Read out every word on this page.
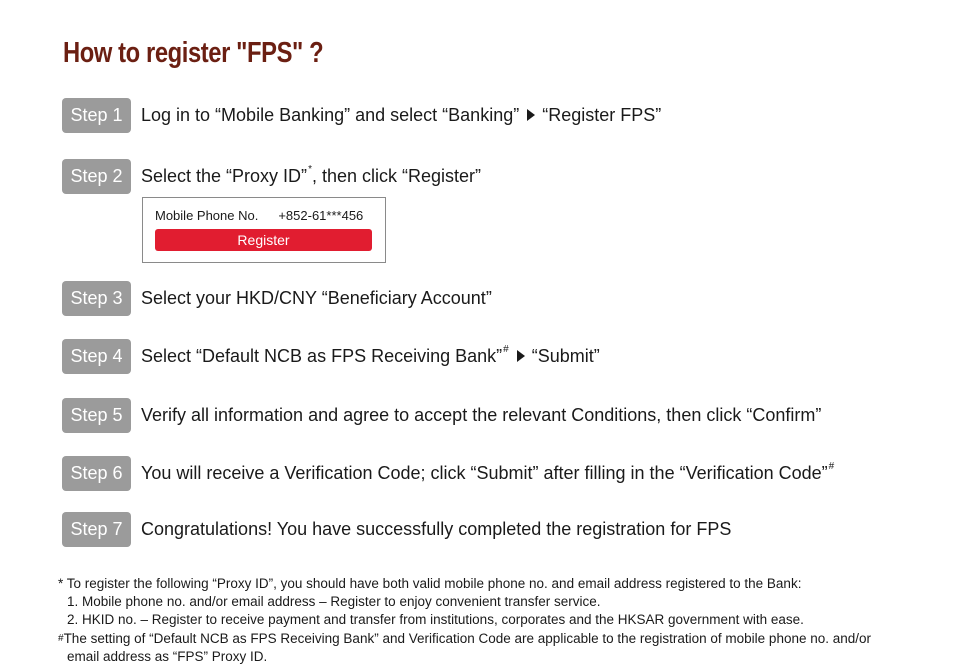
How to register "FPS" ?
Step 1	Log in to “Mobile Banking” and select “Banking” “Register FPS”
Step 2	Select the “Proxy ID”*, then click “Register”
Mobile Phone No. +852-61***456
Register
Step 3	Select your HKD/CNY “Beneficiary Account”
Step 4	Select “Default NCB as FPS Receiving Bank”# “Submit”
Step 5	Verify all information and agree to accept the relevant Conditions, then click “Confirm”
Step 6	You will receive a Verification Code; click “Submit” after filling in the “Verification Code”#
Step 7	Congratulations! You have successfully completed the registration for FPS
* To register the following “Proxy ID”, you should have both valid mobile phone no. and email address registered to the Bank:
1. Mobile phone no. and/or email address – Register to enjoy convenient transfer service.
2. HKID no. – Register to receive payment and transfer from institutions, corporates and the HKSAR government with ease.
#The setting of “Default NCB as FPS Receiving Bank” and Verification Code are applicable to the registration of mobile phone no. and/or
email address as “FPS” Proxy ID.
